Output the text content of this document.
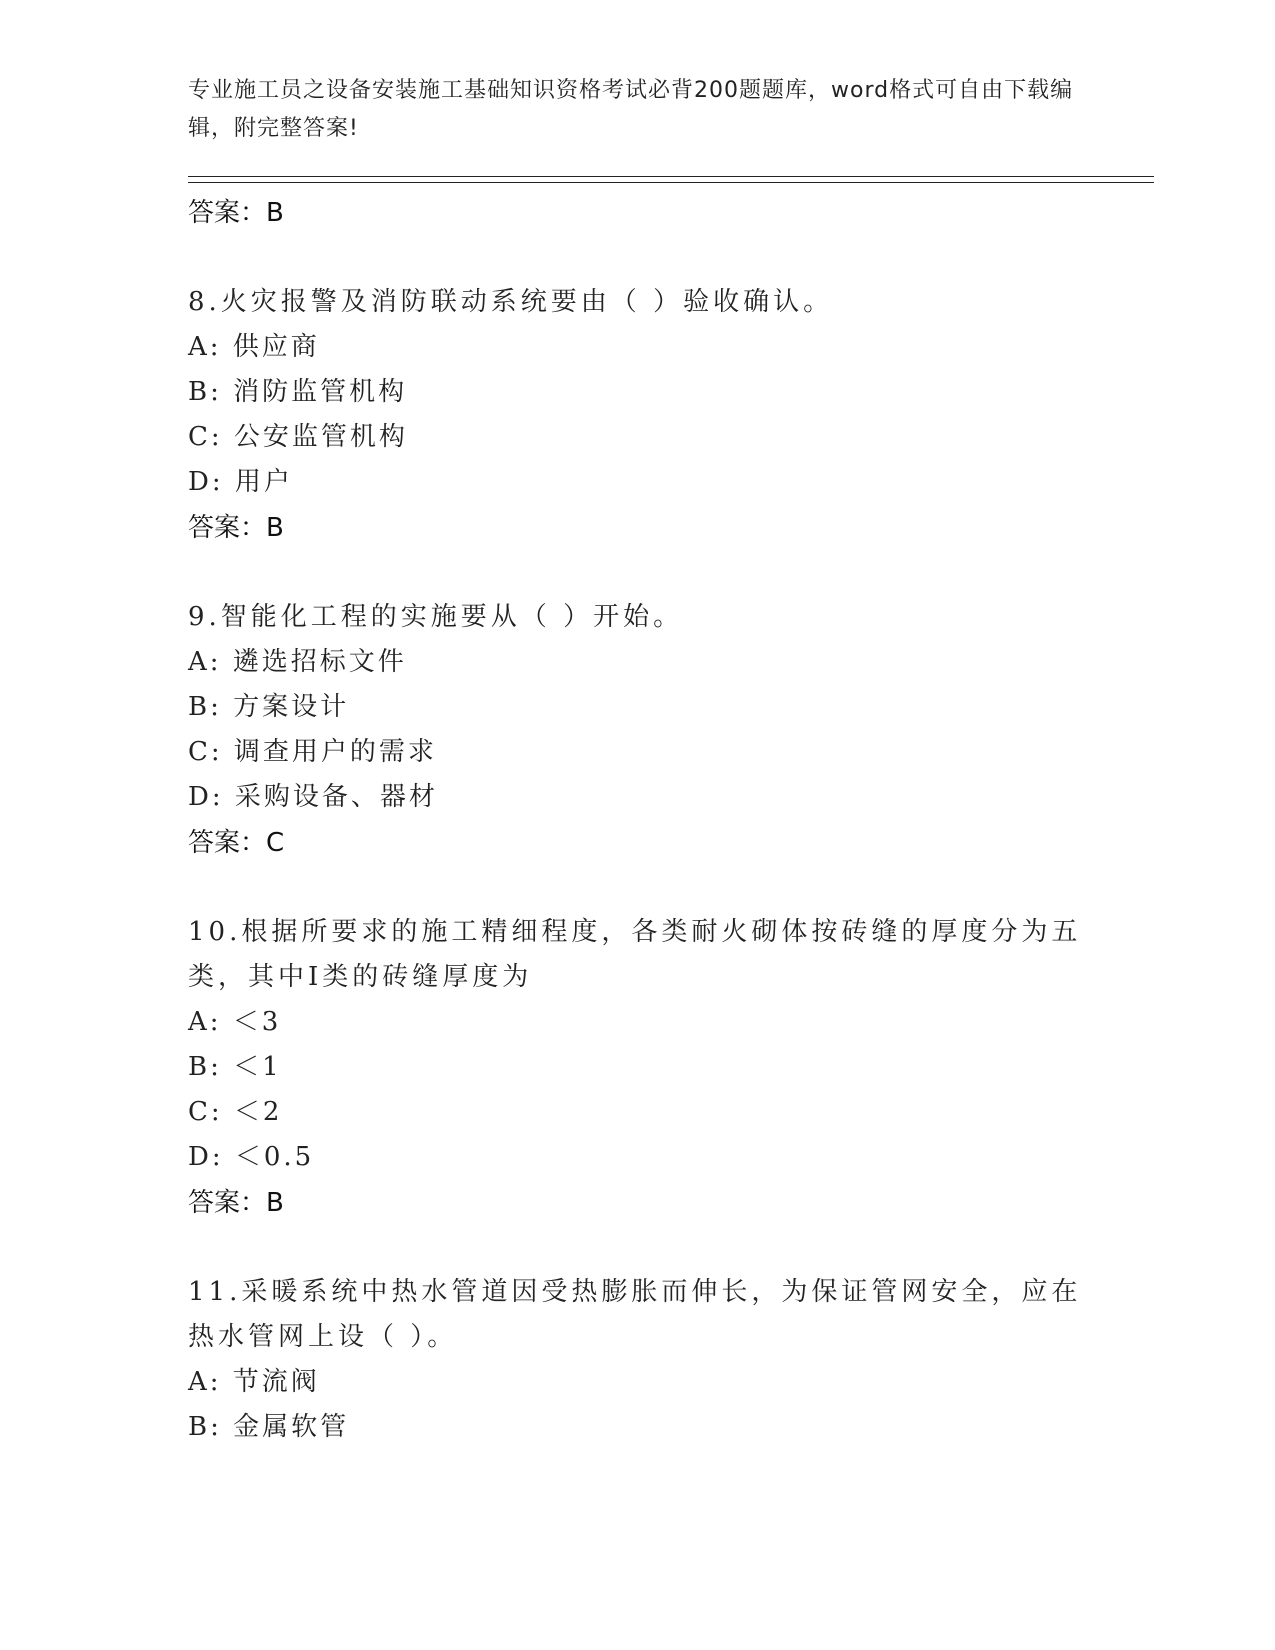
专业施工员之设备安装施工基础知识资格考试必背200题题库，word格式可自由下载编辑，附完整答案!
答案：B
8.火灾报警及消防联动系统要由（ ）验收确认。
A: 供应商
B: 消防监管机构
C: 公安监管机构
D: 用户
答案：B
9.智能化工程的实施要从（ ）开始。
A: 遴选招标文件
B: 方案设计
C: 调查用户的需求
D: 采购设备、器材
答案：C
10.根据所要求的施工精细程度，各类耐火砌体按砖缝的厚度分为五类，其中Ⅰ类的砖缝厚度为
A: ＜3
B: ＜1
C: ＜2
D: ＜0.5
答案：B
11.采暖系统中热水管道因受热膨胀而伸长，为保证管网安全，应在热水管网上设（ ）。
A: 节流阀
B: 金属软管
